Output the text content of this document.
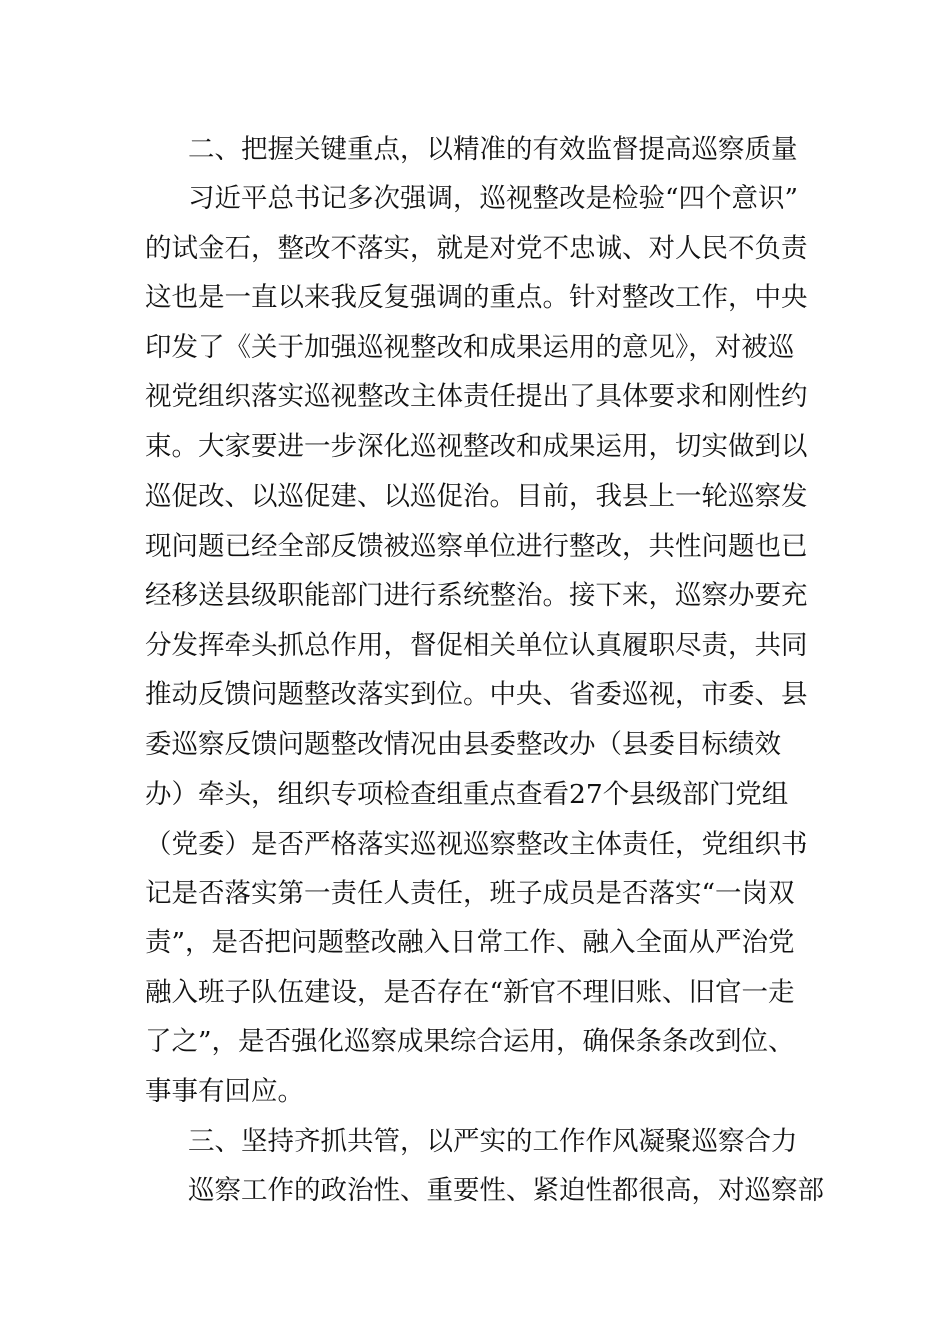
二、把握关键重点，以精准的有效监督提高巡察质量
习近平总书记多次强调，巡视整改是检验“四个意识”
的试金石，整改不落实，就是对党不忠诚、对人民不负责
这也是一直以来我反复强调的重点。针对整改工作，中央
印发了《关于加强巡视整改和成果运用的意见》，对被巡
视党组织落实巡视整改主体责任提出了具体要求和刚性约
束。大家要进一步深化巡视整改和成果运用，切实做到以
巡促改、以巡促建、以巡促治。目前，我县上一轮巡察发
现问题已经全部反馈被巡察单位进行整改，共性问题也已
经移送县级职能部门进行系统整治。接下来，巡察办要充
分发挥牵头抓总作用，督促相关单位认真履职尽责，共同
推动反馈问题整改落实到位。中央、省委巡视，市委、县
委巡察反馈问题整改情况由县委整改办（县委目标绩效
办）牵头，组织专项检查组重点查看27个县级部门党组
（党委）是否严格落实巡视巡察整改主体责任，党组织书
记是否落实第一责任人责任，班子成员是否落实“一岗双
责”，是否把问题整改融入日常工作、融入全面从严治党
融入班子队伍建设，是否存在“新官不理旧账、旧官一走
了之”，是否强化巡察成果综合运用，确保条条改到位、
事事有回应。
三、坚持齐抓共管，以严实的工作作风凝聚巡察合力
巡察工作的政治性、重要性、紧迫性都很高，对巡察部
